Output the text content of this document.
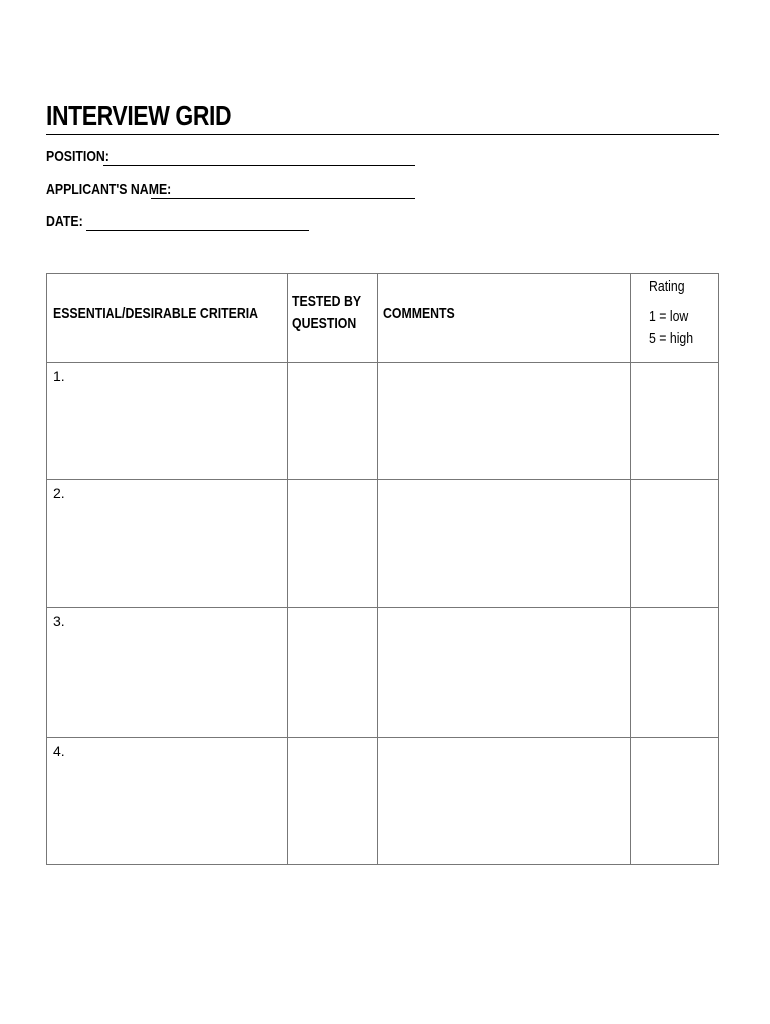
INTERVIEW GRID
POSITION:
APPLICANT'S NAME:
DATE:
ESSENTIAL/DESIRABLE CRITERIA
TESTED BY
QUESTION
COMMENTS
Rating
1 = low
5 = high
1.
2.
3.
4.
